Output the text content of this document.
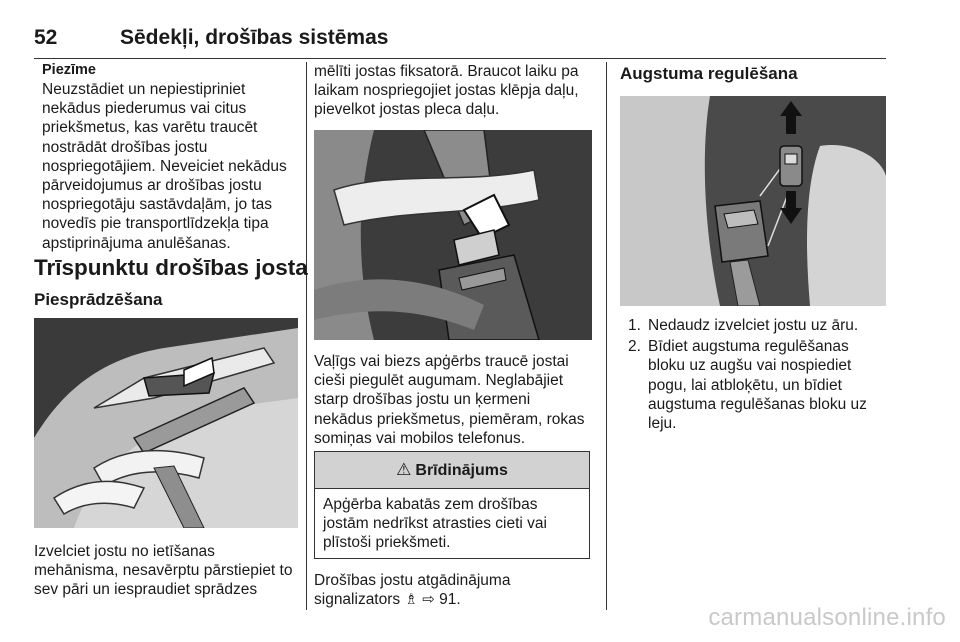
52	Sēdekļi, drošības sistēmas
Piezīme
Neuzstādiet un nepiestipriniet nekādus piederumus vai citus priekšmetus, kas varētu traucēt nostrādāt drošības jostu nospriegotājiem. Neveiciet nekādus pārveidojumus ar drošības jostu nospriegotāju sastāvdaļām, jo tas novedīs pie transportlīdzekļa tipa apstiprinājuma anulēšanas.
Trīspunktu drošības josta
Piesprādzēšana
Izvelciet jostu no ietīšanas mehānisma, nesavērptu pārstiepiet to sev pāri un iespraudiet sprādzes
mēlīti jostas fiksatorā. Braucot laiku pa laikam nospriegojiet jostas klēpja daļu, pievelkot jostas pleca daļu.
Vaļīgs vai biezs apģērbs traucē jostai cieši piegulēt augumam. Neglabājiet starp drošības jostu un ķermeni nekādus priekšmetus, piemēram, rokas somiņas vai mobilos telefonus.
⚠ Brīdinājums
Apģērba kabatās zem drošības jostām nedrīkst atrasties cieti vai plīstoši priekšmeti.
Drošības jostu atgādinājuma signalizators ♗ ⇨ 91.
Augstuma regulēšana
1. Nedaudz izvelciet jostu uz āru.
2. Bīdiet augstuma regulēšanas bloku uz augšu vai nospiediet pogu, lai atbloķētu, un bīdiet augstuma regulēšanas bloku uz leju.
carmanualsonline.info
